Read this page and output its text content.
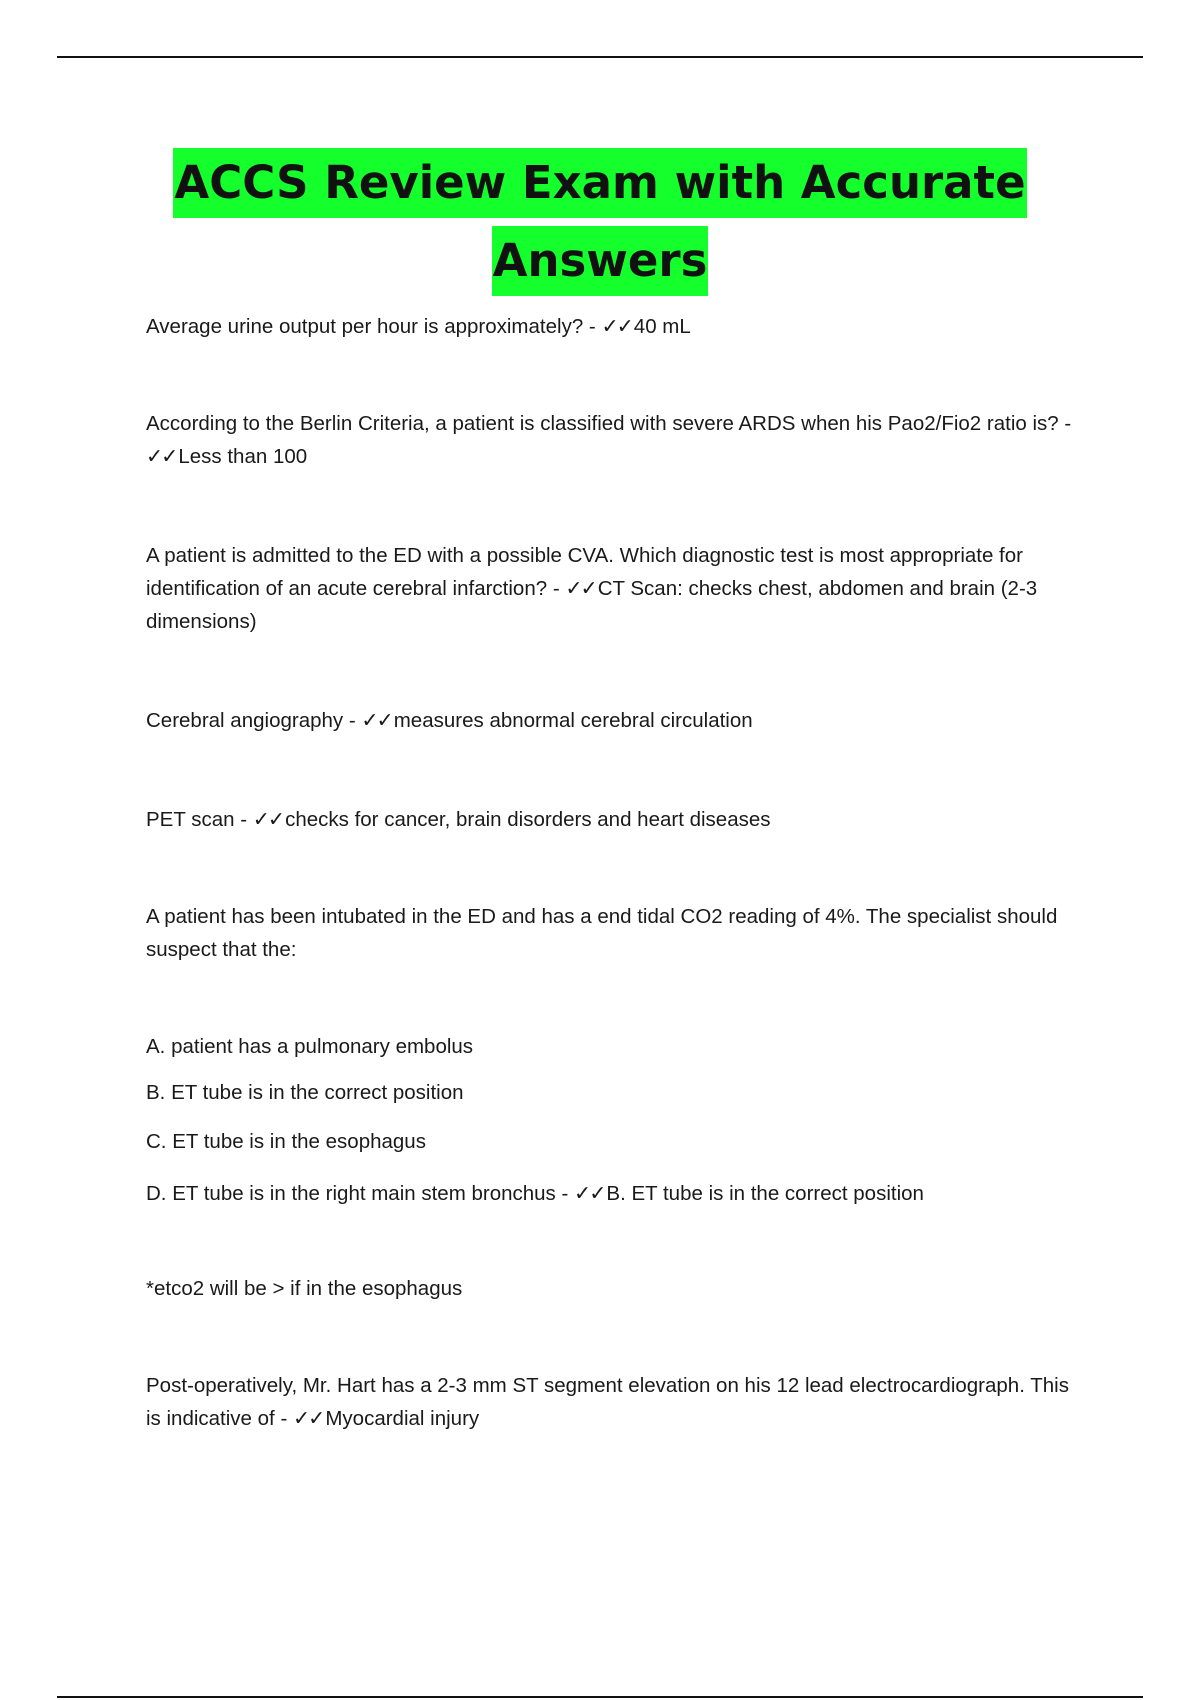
ACCS Review Exam with Accurate
Answers
Average urine output per hour is approximately? - ✓✓40 mL
According to the Berlin Criteria, a patient is classified with severe ARDS when his Pao2/Fio2 ratio is? - ✓✓Less than 100
A patient is admitted to the ED with a possible CVA. Which diagnostic test is most appropriate for identification of an acute cerebral infarction? - ✓✓CT Scan: checks chest, abdomen and brain (2-3 dimensions)
Cerebral angiography - ✓✓measures abnormal cerebral circulation
PET scan - ✓✓checks for cancer, brain disorders and heart diseases
A patient has been intubated in the ED and has a end tidal CO2 reading of 4%. The specialist should suspect that the:
A. patient has a pulmonary embolus
B. ET tube is in the correct position
C. ET tube is in the esophagus
D. ET tube is in the right main stem bronchus - ✓✓B. ET tube is in the correct position
*etco2 will be > if in the esophagus
Post-operatively, Mr. Hart has a 2-3 mm ST segment elevation on his 12 lead electrocardiograph. This is indicative of - ✓✓Myocardial injury
